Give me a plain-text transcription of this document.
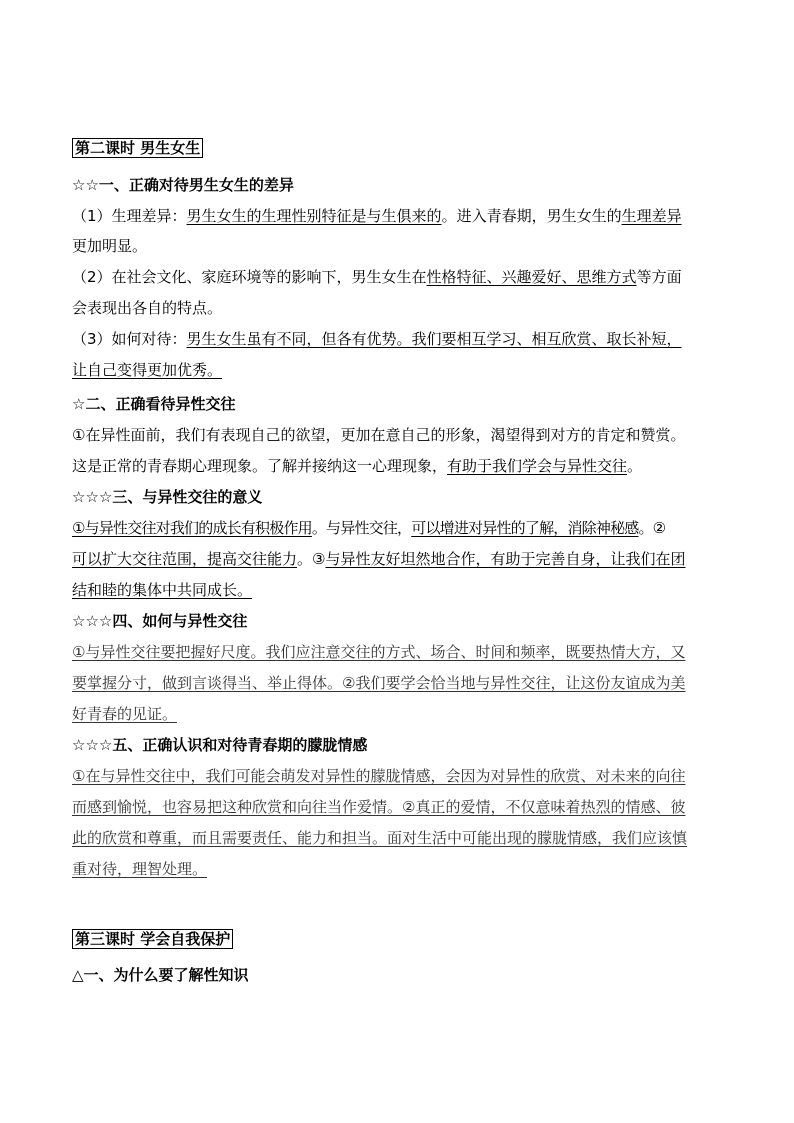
第二课时 男生女生
☆☆一、正确对待男生女生的差异
（1）生理差异：男生女生的生理性别特征是与生俱来的。进入青春期，男生女生的生理差异
更加明显。
（2）在社会文化、家庭环境等的影响下，男生女生在性格特征、兴趣爱好、思维方式等方面
会表现出各自的特点。
（3）如何对待：男生女生虽有不同，但各有优势。我们要相互学习、相互欣赏、取长补短，
让自己变得更加优秀。
☆二、正确看待异性交往
①在异性面前，我们有表现自己的欲望，更加在意自己的形象，渴望得到对方的肯定和赞赏。
这是正常的青春期心理现象。了解并接纳这一心理现象，有助于我们学会与异性交往。
☆☆☆三、与异性交往的意义
①与异性交往对我们的成长有积极作用。与异性交往，可以增进对异性的了解，消除神秘感。②
可以扩大交往范围，提高交往能力。③与异性友好坦然地合作，有助于完善自身，让我们在团
结和睦的集体中共同成长。
☆☆☆四、如何与异性交往
①与异性交往要把握好尺度。我们应注意交往的方式、场合、时间和频率，既要热情大方，又
要掌握分寸，做到言谈得当、举止得体。②我们要学会恰当地与异性交往，让这份友谊成为美
好青春的见证。
☆☆☆五、正确认识和对待青春期的朦胧情感
①在与异性交往中，我们可能会萌发对异性的朦胧情感，会因为对异性的欣赏、对未来的向往
而感到愉悦，也容易把这种欣赏和向往当作爱情。②真正的爱情，不仅意味着热烈的情感、彼
此的欣赏和尊重，而且需要责任、能力和担当。面对生活中可能出现的朦胧情感，我们应该慎
重对待，理智处理。
第三课时 学会自我保护
△一、为什么要了解性知识
